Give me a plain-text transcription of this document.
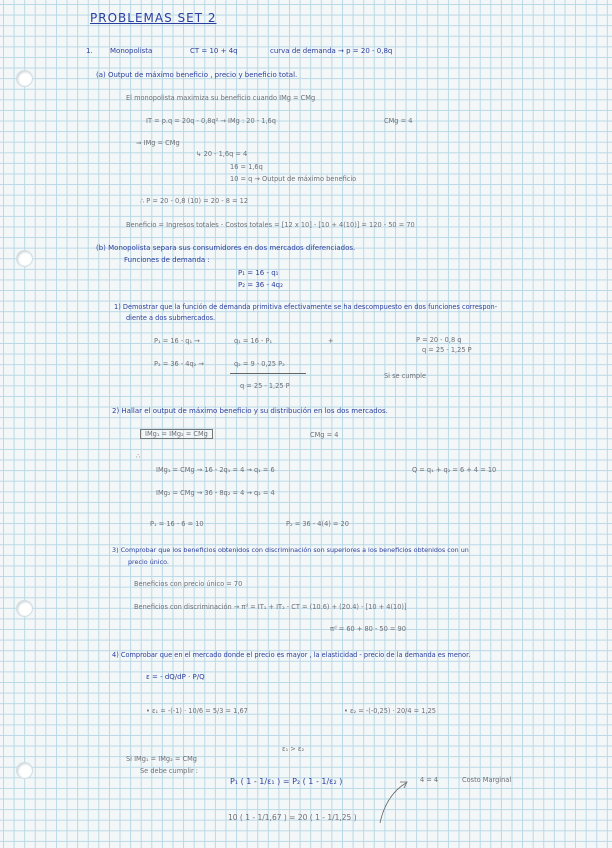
PROBLEMAS SET 2
1. Monopolista	CT = 10 + 4q	curva de demanda → p = 20 - 0,8q
(a) Output de máximo beneficio , precio y beneficio total.
El monopolista maximiza su beneficio cuando IMg = CMg
IT = p.q = 20q - 0,8q² → IMg : 20 - 1,6q	CMg = 4
⇒ IMg = CMg
↳ 20 - 1,6q = 4
16 = 1,6q
10 = q → Output de máximo beneficio
∴ P = 20 - 0,8 (10) = 20 - 8 = 12
Beneficio = Ingresos totales - Costos totales = [12 x 10] - [10 + 4(10)] = 120 - 50 = 70
(b) Monopolista separa sus consumidores en dos mercados diferenciados.
Funciones de demanda :
P₁ = 16 - q₁
P₂ = 36 - 4q₂
1) Demostrar que la función de demanda primitiva efectivamente se ha descompuesto en dos funciones correspon-
diente a dos submercados.
P₁ = 16 - q₁ →	q₁ = 16 - P₁	+
P₂ = 36 - 4q₂ →	q₂ = 9 - 0,25 P₂
q = 25 - 1,25 P
P = 20 - 0,8 q
q = 25 - 1,25 P
Si se cumple
2) Hallar el output de máximo beneficio y su distribución en los dos mercados.
IMg₁ = IMg₂ = CMg	CMg = 4
∴
IMg₁ = CMg → 16 - 2q₁ = 4 → q₁ = 6
IMg₂ = CMg → 36 - 8q₂ = 4 → q₂ = 4
Q = q₁ + q₂ = 6 + 4 = 10
P₁ = 16 - 6 = 10	P₂ = 36 - 4(4) = 20
3) Comprobar que los beneficios obtenidos con discriminación son superiores a los beneficios obtenidos con un
precio único.
Beneficios con precio único = 70
Beneficios con discriminación → πᵈ = IT₁ + IT₂ - CT = (10.6) + (20.4) - [10 + 4(10)]
πᵈ = 60 + 80 - 50 = 90
4) Comprobar que en el mercado donde el precio es mayor , la elasticidad - precio de la demanda es menor.
ε = - dQ/dP · P/Q
• ε₁ = -(-1) · 10/6 = 5/3 = 1,67	• ε₂ = -(-0,25) · 20/4 = 1,25
ε₁ > ε₂
Si IMg₁ = IMg₂ = CMg
Se debe cumplir :
P₁ ( 1 - 1/ε₁ ) = P₂ ( 1 - 1/ε₂ )
10 ( 1 - 1/1,67 ) = 20 ( 1 - 1/1,25 )
4 = 4	Costo Marginal
